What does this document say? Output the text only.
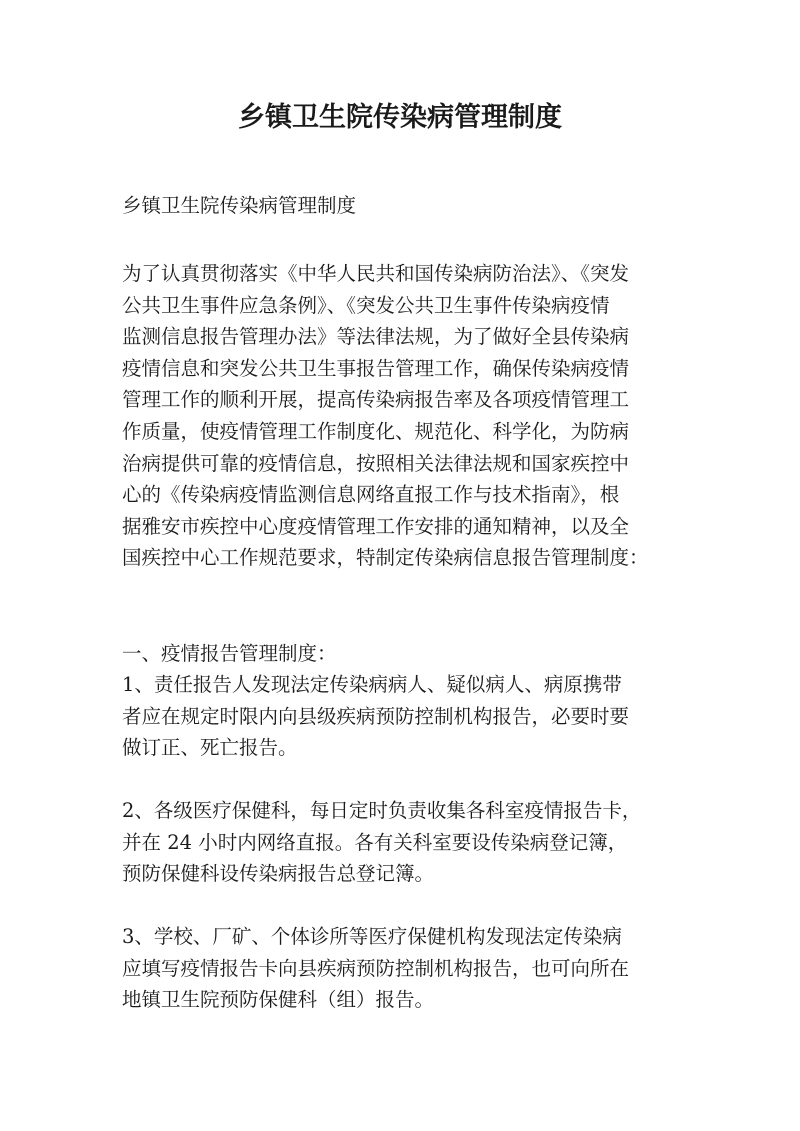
乡镇卫生院传染病管理制度

乡镇卫生院传染病管理制度

为了认真贯彻落实《中华人民共和国传染病防治法》、《突发
公共卫生事件应急条例》、《突发公共卫生事件传染病疫情
监测信息报告管理办法》等法律法规，为了做好全县传染病
疫情信息和突发公共卫生事报告管理工作，确保传染病疫情
管理工作的顺利开展，提高传染病报告率及各项疫情管理工
作质量，使疫情管理工作制度化、规范化、科学化，为防病
治病提供可靠的疫情信息，按照相关法律法规和国家疾控中
心的《传染病疫情监测信息网络直报工作与技术指南》，根
据雅安市疾控中心度疫情管理工作安排的通知精神，以及全
国疾控中心工作规范要求，特制定传染病信息报告管理制度：
一、疫情报告管理制度：
1、责任报告人发现法定传染病病人、疑似病人、病原携带
者应在规定时限内向县级疾病预防控制机构报告，必要时要
做订正、死亡报告。
2、各级医疗保健科，每日定时负责收集各科室疫情报告卡，
并在 24 小时内网络直报。各有关科室要设传染病登记簿，
预防保健科设传染病报告总登记簿。
3、学校、厂矿、个体诊所等医疗保健机构发现法定传染病
应填写疫情报告卡向县疾病预防控制机构报告，也可向所在
地镇卫生院预防保健科（组）报告。
